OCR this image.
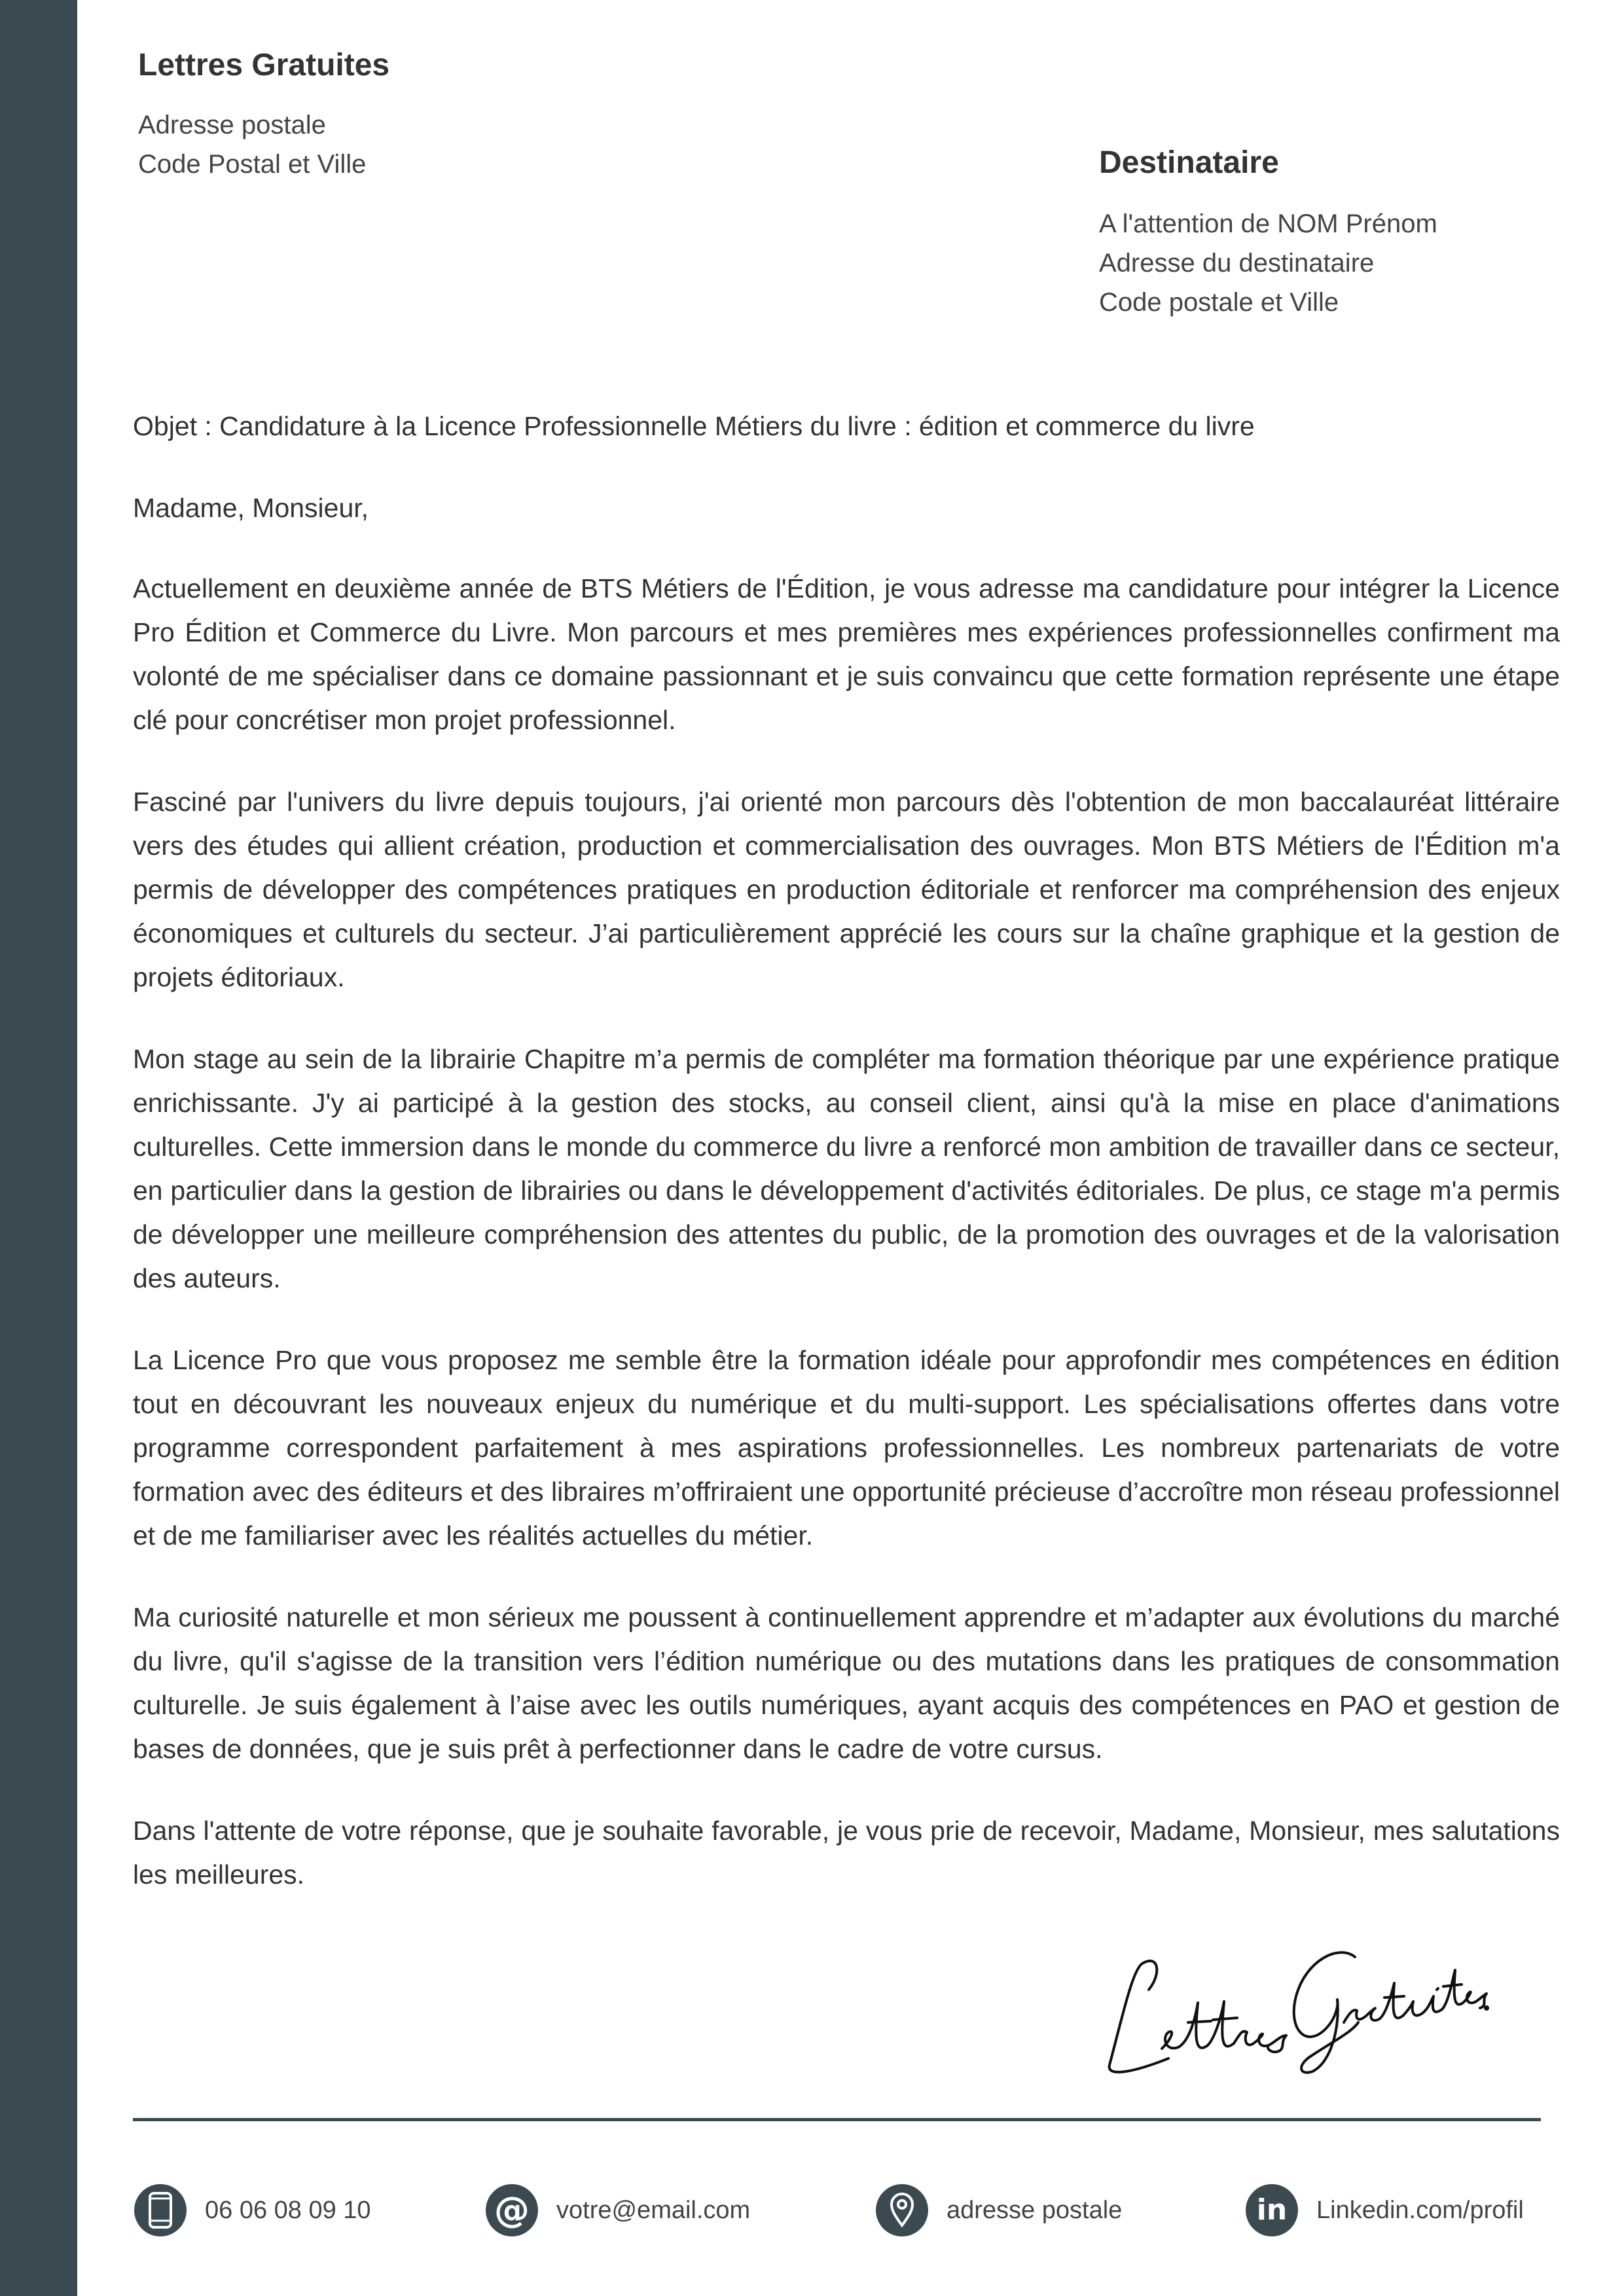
Lettres Gratuites
Adresse postale
Code Postal et Ville	Destinataire
A l'attention de NOM Prénom
Adresse du destinataire
Code postale et Ville

Objet : Candidature à la Licence Professionnelle Métiers du livre : édition et commerce du livre

Madame, Monsieur,

Actuellement en deuxième année de BTS Métiers de l'Édition, je vous adresse ma candidature pour intégrer la Licence Pro Édition et Commerce du Livre. Mon parcours et mes premières mes expériences professionnelles confirment ma volonté de me spécialiser dans ce domaine passionnant et je suis convaincu que cette formation représente une étape clé pour concrétiser mon projet professionnel.

Fasciné par l'univers du livre depuis toujours, j'ai orienté mon parcours dès l'obtention de mon baccalauréat littéraire vers des études qui allient création, production et commercialisation des ouvrages. Mon BTS Métiers de l'Édition m'a permis de développer des compétences pratiques en production éditoriale et renforcer ma compréhension des enjeux économiques et culturels du secteur. J’ai particulièrement apprécié les cours sur la chaîne graphique et la gestion de projets éditoriaux.

Mon stage au sein de la librairie Chapitre m’a permis de compléter ma formation théorique par une expérience pratique enrichissante. J'y ai participé à la gestion des stocks, au conseil client, ainsi qu'à la mise en place d'animations culturelles. Cette immersion dans le monde du commerce du livre a renforcé mon ambition de travailler dans ce secteur, en particulier dans la gestion de librairies ou dans le développement d'activités éditoriales. De plus, ce stage m'a permis de développer une meilleure compréhension des attentes du public, de la promotion des ouvrages et de la valorisation des auteurs.

La Licence Pro que vous proposez me semble être la formation idéale pour approfondir mes compétences en édition tout en découvrant les nouveaux enjeux du numérique et du multi-support. Les spécialisations offertes dans votre programme correspondent parfaitement à mes aspirations professionnelles. Les nombreux partenariats de votre formation avec des éditeurs et des libraires m’offriraient une opportunité précieuse d’accroître mon réseau professionnel et de me familiariser avec les réalités actuelles du métier.

Ma curiosité naturelle et mon sérieux me poussent à continuellement apprendre et m’adapter aux évolutions du marché du livre, qu'il s'agisse de la transition vers l’édition numérique ou des mutations dans les pratiques de consommation culturelle. Je suis également à l’aise avec les outils numériques, ayant acquis des compétences en PAO et gestion de bases de données, que je suis prêt à perfectionner dans le cadre de votre cursus.

Dans l'attente de votre réponse, que je souhaite favorable, je vous prie de recevoir, Madame, Monsieur, mes salutations les meilleures.

06 06 08 09 10	@ votre@email.com	adresse postale	in Linkedin.com/profil
